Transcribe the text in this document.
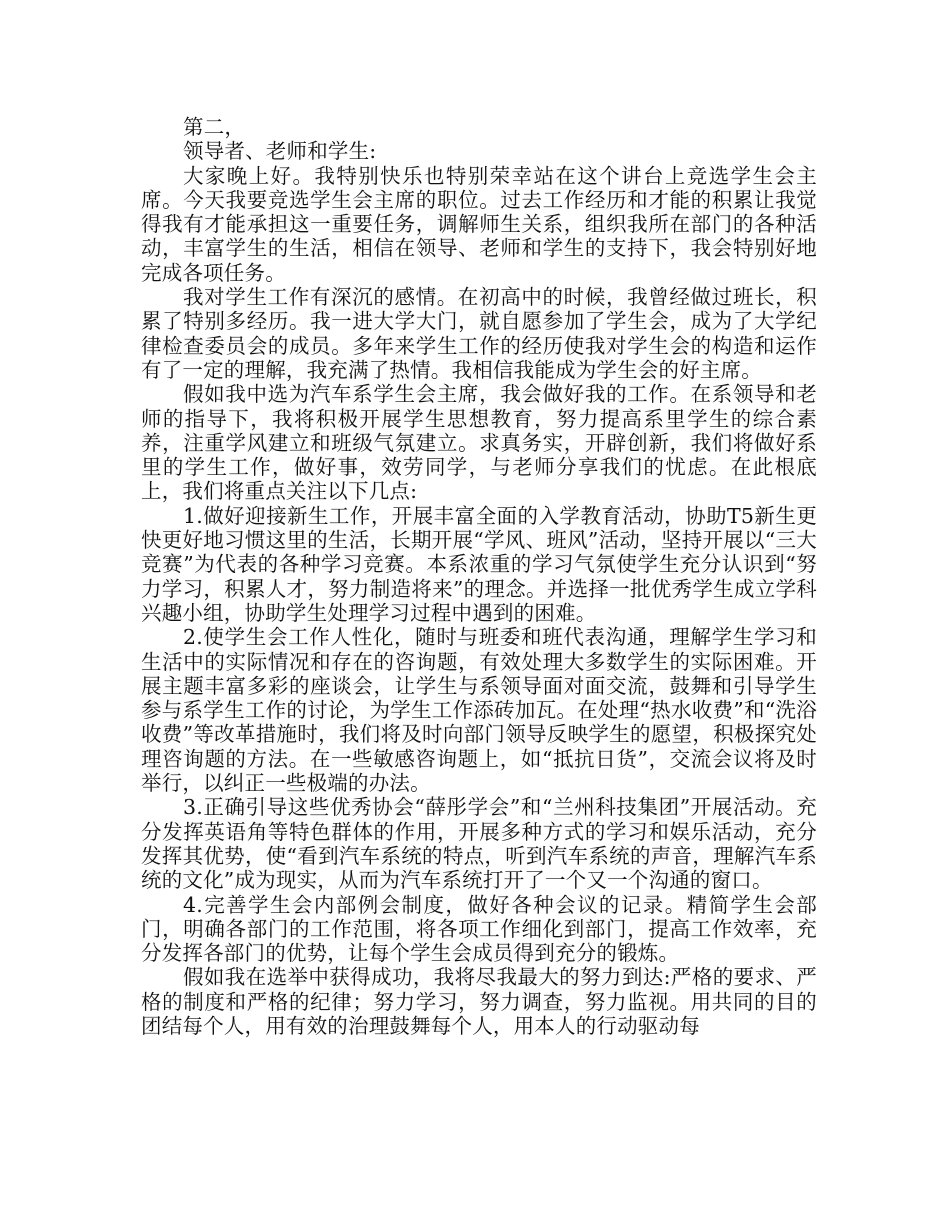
第二，

领导者、老师和学生:

大家晚上好。我特别快乐也特别荣幸站在这个讲台上竞选学生会主席。今天我要竞选学生会主席的职位。过去工作经历和才能的积累让我觉得我有才能承担这一重要任务，调解师生关系，组织我所在部门的各种活动，丰富学生的生活，相信在领导、老师和学生的支持下，我会特别好地完成各项任务。

我对学生工作有深沉的感情。在初高中的时候，我曾经做过班长，积累了特别多经历。我一进大学大门，就自愿参加了学生会，成为了大学纪律检查委员会的成员。多年来学生工作的经历使我对学生会的构造和运作有了一定的理解，我充满了热情。我相信我能成为学生会的好主席。

假如我中选为汽车系学生会主席，我会做好我的工作。在系领导和老师的指导下，我将积极开展学生思想教育，努力提高系里学生的综合素养，注重学风建立和班级气氛建立。求真务实，开辟创新，我们将做好系里的学生工作，做好事，效劳同学，与老师分享我们的忧虑。在此根底上，我们将重点关注以下几点:

1.做好迎接新生工作，开展丰富全面的入学教育活动，协助T5新生更快更好地习惯这里的生活，长期开展“学风、班风”活动，坚持开展以“三大竞赛”为代表的各种学习竞赛。本系浓重的学习气氛使学生充分认识到“努力学习，积累人才，努力制造将来”的理念。并选择一批优秀学生成立学科兴趣小组，协助学生处理学习过程中遇到的困难。

2.使学生会工作人性化，随时与班委和班代表沟通，理解学生学习和生活中的实际情况和存在的咨询题，有效处理大多数学生的实际困难。开展主题丰富多彩的座谈会，让学生与系领导面对面交流，鼓舞和引导学生参与系学生工作的讨论，为学生工作添砖加瓦。在处理“热水收费”和“洗浴收费”等改革措施时，我们将及时向部门领导反映学生的愿望，积极探究处理咨询题的方法。在一些敏感咨询题上，如“抵抗日货”，交流会议将及时举行，以纠正一些极端的办法。

3.正确引导这些优秀协会“薛彤学会”和“兰州科技集团”开展活动。充分发挥英语角等特色群体的作用，开展多种方式的学习和娱乐活动，充分发挥其优势，使“看到汽车系统的特点，听到汽车系统的声音，理解汽车系统的文化”成为现实，从而为汽车系统打开了一个又一个沟通的窗口。

4.完善学生会内部例会制度，做好各种会议的记录。精简学生会部门，明确各部门的工作范围，将各项工作细化到部门，提高工作效率，充分发挥各部门的优势，让每个学生会成员得到充分的锻炼。

假如我在选举中获得成功，我将尽我最大的努力到达:严格的要求、严格的制度和严格的纪律；努力学习，努力调查，努力监视。用共同的目的团结每个人，用有效的治理鼓舞每个人，用本人的行动驱动每
